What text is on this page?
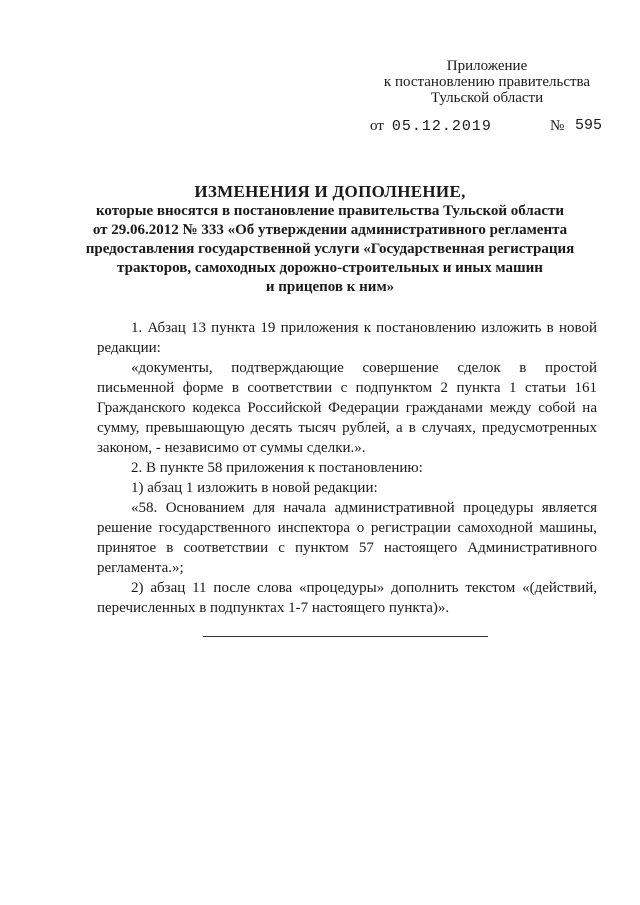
Приложение
к постановлению правительства
Тульской области
от 05.12.2019	№ 595
ИЗМЕНЕНИЯ И ДОПОЛНЕНИЕ,
которые вносятся в постановление правительства Тульской области
от 29.06.2012 № 333 «Об утверждении административного регламента
предоставления государственной услуги «Государственная регистрация
тракторов, самоходных дорожно-строительных и иных машин
и прицепов к ним»

1. Абзац 13 пункта 19 приложения к постановлению изложить в новой редакции:

«документы, подтверждающие совершение сделок в простой письменной форме в соответствии с подпунктом 2 пункта 1 статьи 161 Гражданского кодекса Российской Федерации гражданами между собой на сумму, превышающую десять тысяч рублей, а в случаях, предусмотренных законом, - независимо от суммы сделки.».

2. В пункте 58 приложения к постановлению:

1) абзац 1 изложить в новой редакции:

«58. Основанием для начала административной процедуры является решение государственного инспектора о регистрации самоходной машины, принятое в соответствии с пунктом 57 настоящего Административного регламента.»;

2) абзац 11 после слова «процедуры» дополнить текстом «(действий, перечисленных в подпунктах 1-7 настоящего пункта)».
